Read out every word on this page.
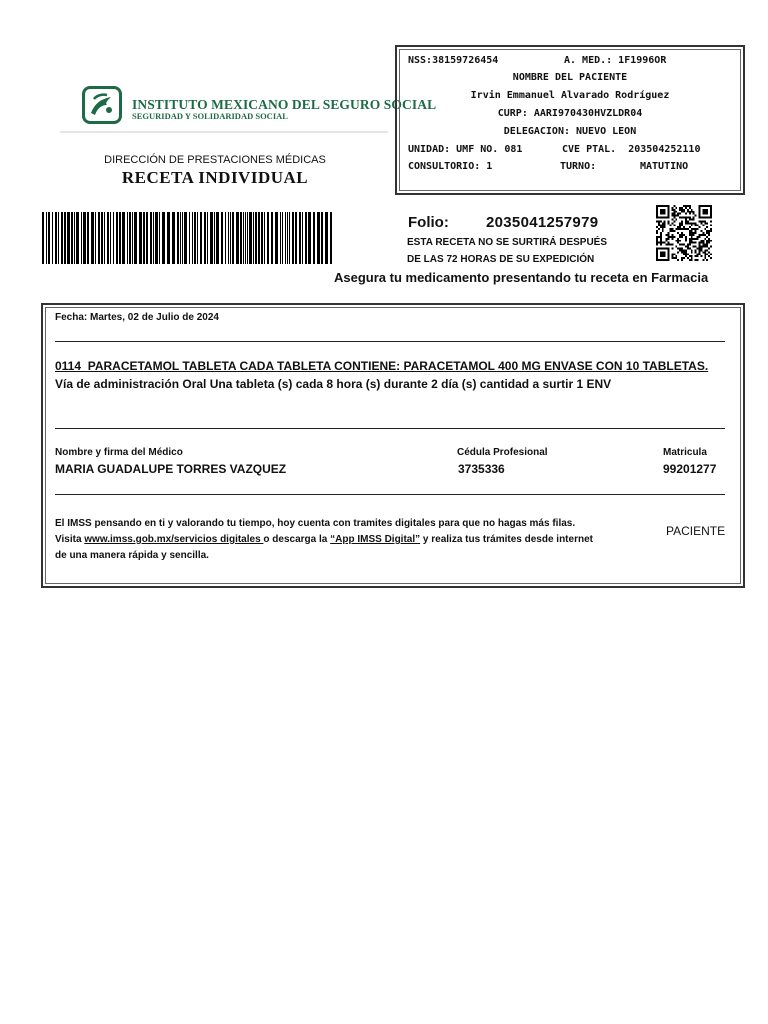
INSTITUTO MEXICANO DEL SEGURO SOCIAL
SEGURIDAD Y SOLIDARIDAD SOCIAL
DIRECCIÓN DE PRESTACIONES MÉDICAS
RECETA INDIVIDUAL
NSS:38159726454	A. MED.: 1F1996OR
NOMBRE DEL PACIENTE
Irvin Emmanuel Alvarado Rodríguez
CURP: AARI970430HVZLDR04
DELEGACION: NUEVO LEON
UNIDAD: UMF NO. 081	CVE PTAL.  203504252110
CONSULTORIO: 1	TURNO:	MATUTINO
Folio: 2035041257979
ESTA RECETA NO SE SURTIRÁ DESPUÉS
DE LAS 72 HORAS DE SU EXPEDICIÓN
Asegura tu medicamento presentando tu receta en Farmacia
Fecha: Martes, 02 de Julio de 2024
0114  PARACETAMOL TABLETA CADA TABLETA CONTIENE: PARACETAMOL 400 MG ENVASE CON 10 TABLETAS.
Vía de administración Oral Una tableta (s) cada 8 hora (s) durante 2 día (s) cantidad a surtir 1 ENV
Nombre y firma del Médico
MARIA GUADALUPE TORRES VAZQUEZ
Cédula Profesional
3735336
Matricula
99201277
El IMSS pensando en ti y valorando tu tiempo, hoy cuenta con tramites digitales para que no hagas más filas.
Visita www.imss.gob.mx/servicios digitales o descarga la “App IMSS Digital” y realiza tus trámites desde internet
de una manera rápida y sencilla.
PACIENTE
